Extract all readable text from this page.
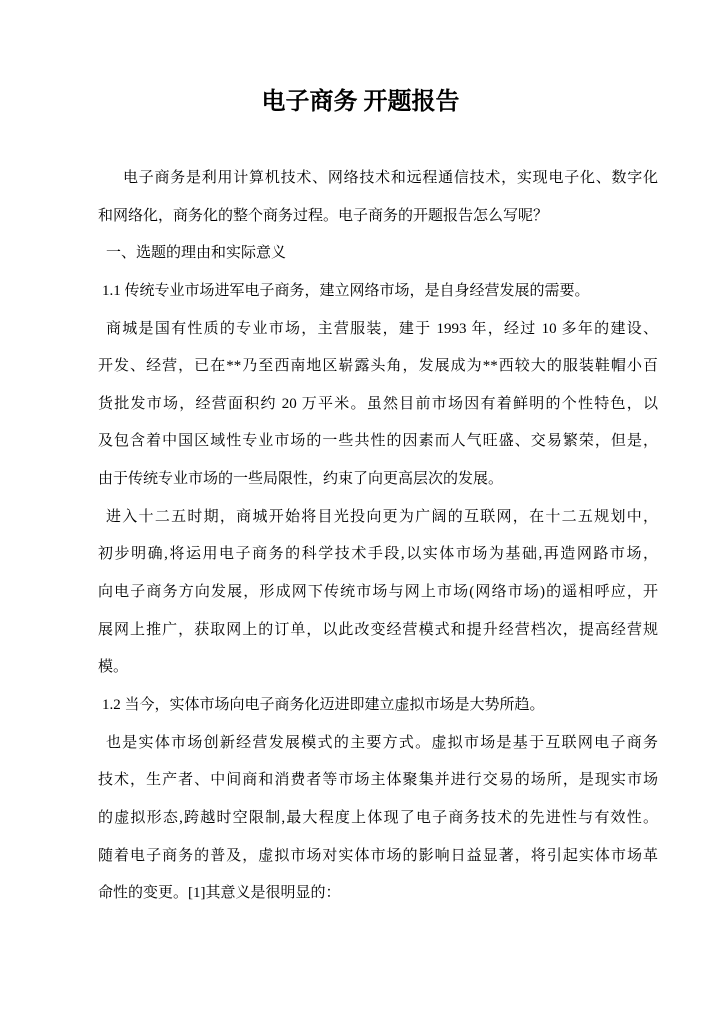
电子商务 开题报告
电子商务是利用计算机技术、网络技术和远程通信技术，实现电子化、数字化
和网络化，商务化的整个商务过程。电子商务的开题报告怎么写呢？
一、选题的理由和实际意义
1.1 传统专业市场进军电子商务，建立网络市场，是自身经营发展的需要。
商城是国有性质的专业市场，主营服装，建于 1993 年，经过 10 多年的建设、
开发、经营，已在**乃至西南地区崭露头角，发展成为**西较大的服装鞋帽小百
货批发市场，经营面积约 20 万平米。虽然目前市场因有着鲜明的个性特色，以
及包含着中国区域性专业市场的一些共性的因素而人气旺盛、交易繁荣，但是，
由于传统专业市场的一些局限性，约束了向更高层次的发展。
进入十二五时期，商城开始将目光投向更为广阔的互联网，在十二五规划中，
初步明确,将运用电子商务的科学技术手段,以实体市场为基础,再造网路市场，
向电子商务方向发展，形成网下传统市场与网上市场(网络市场)的遥相呼应，开
展网上推广，获取网上的订单，以此改变经营模式和提升经营档次，提高经营规
模。
1.2 当今，实体市场向电子商务化迈进即建立虚拟市场是大势所趋。
也是实体市场创新经营发展模式的主要方式。虚拟市场是基于互联网电子商务
技术，生产者、中间商和消费者等市场主体聚集并进行交易的场所，是现实市场
的虚拟形态,跨越时空限制,最大程度上体现了电子商务技术的先进性与有效性。
随着电子商务的普及，虚拟市场对实体市场的影响日益显著，将引起实体市场革
命性的变更。[1]其意义是很明显的：
